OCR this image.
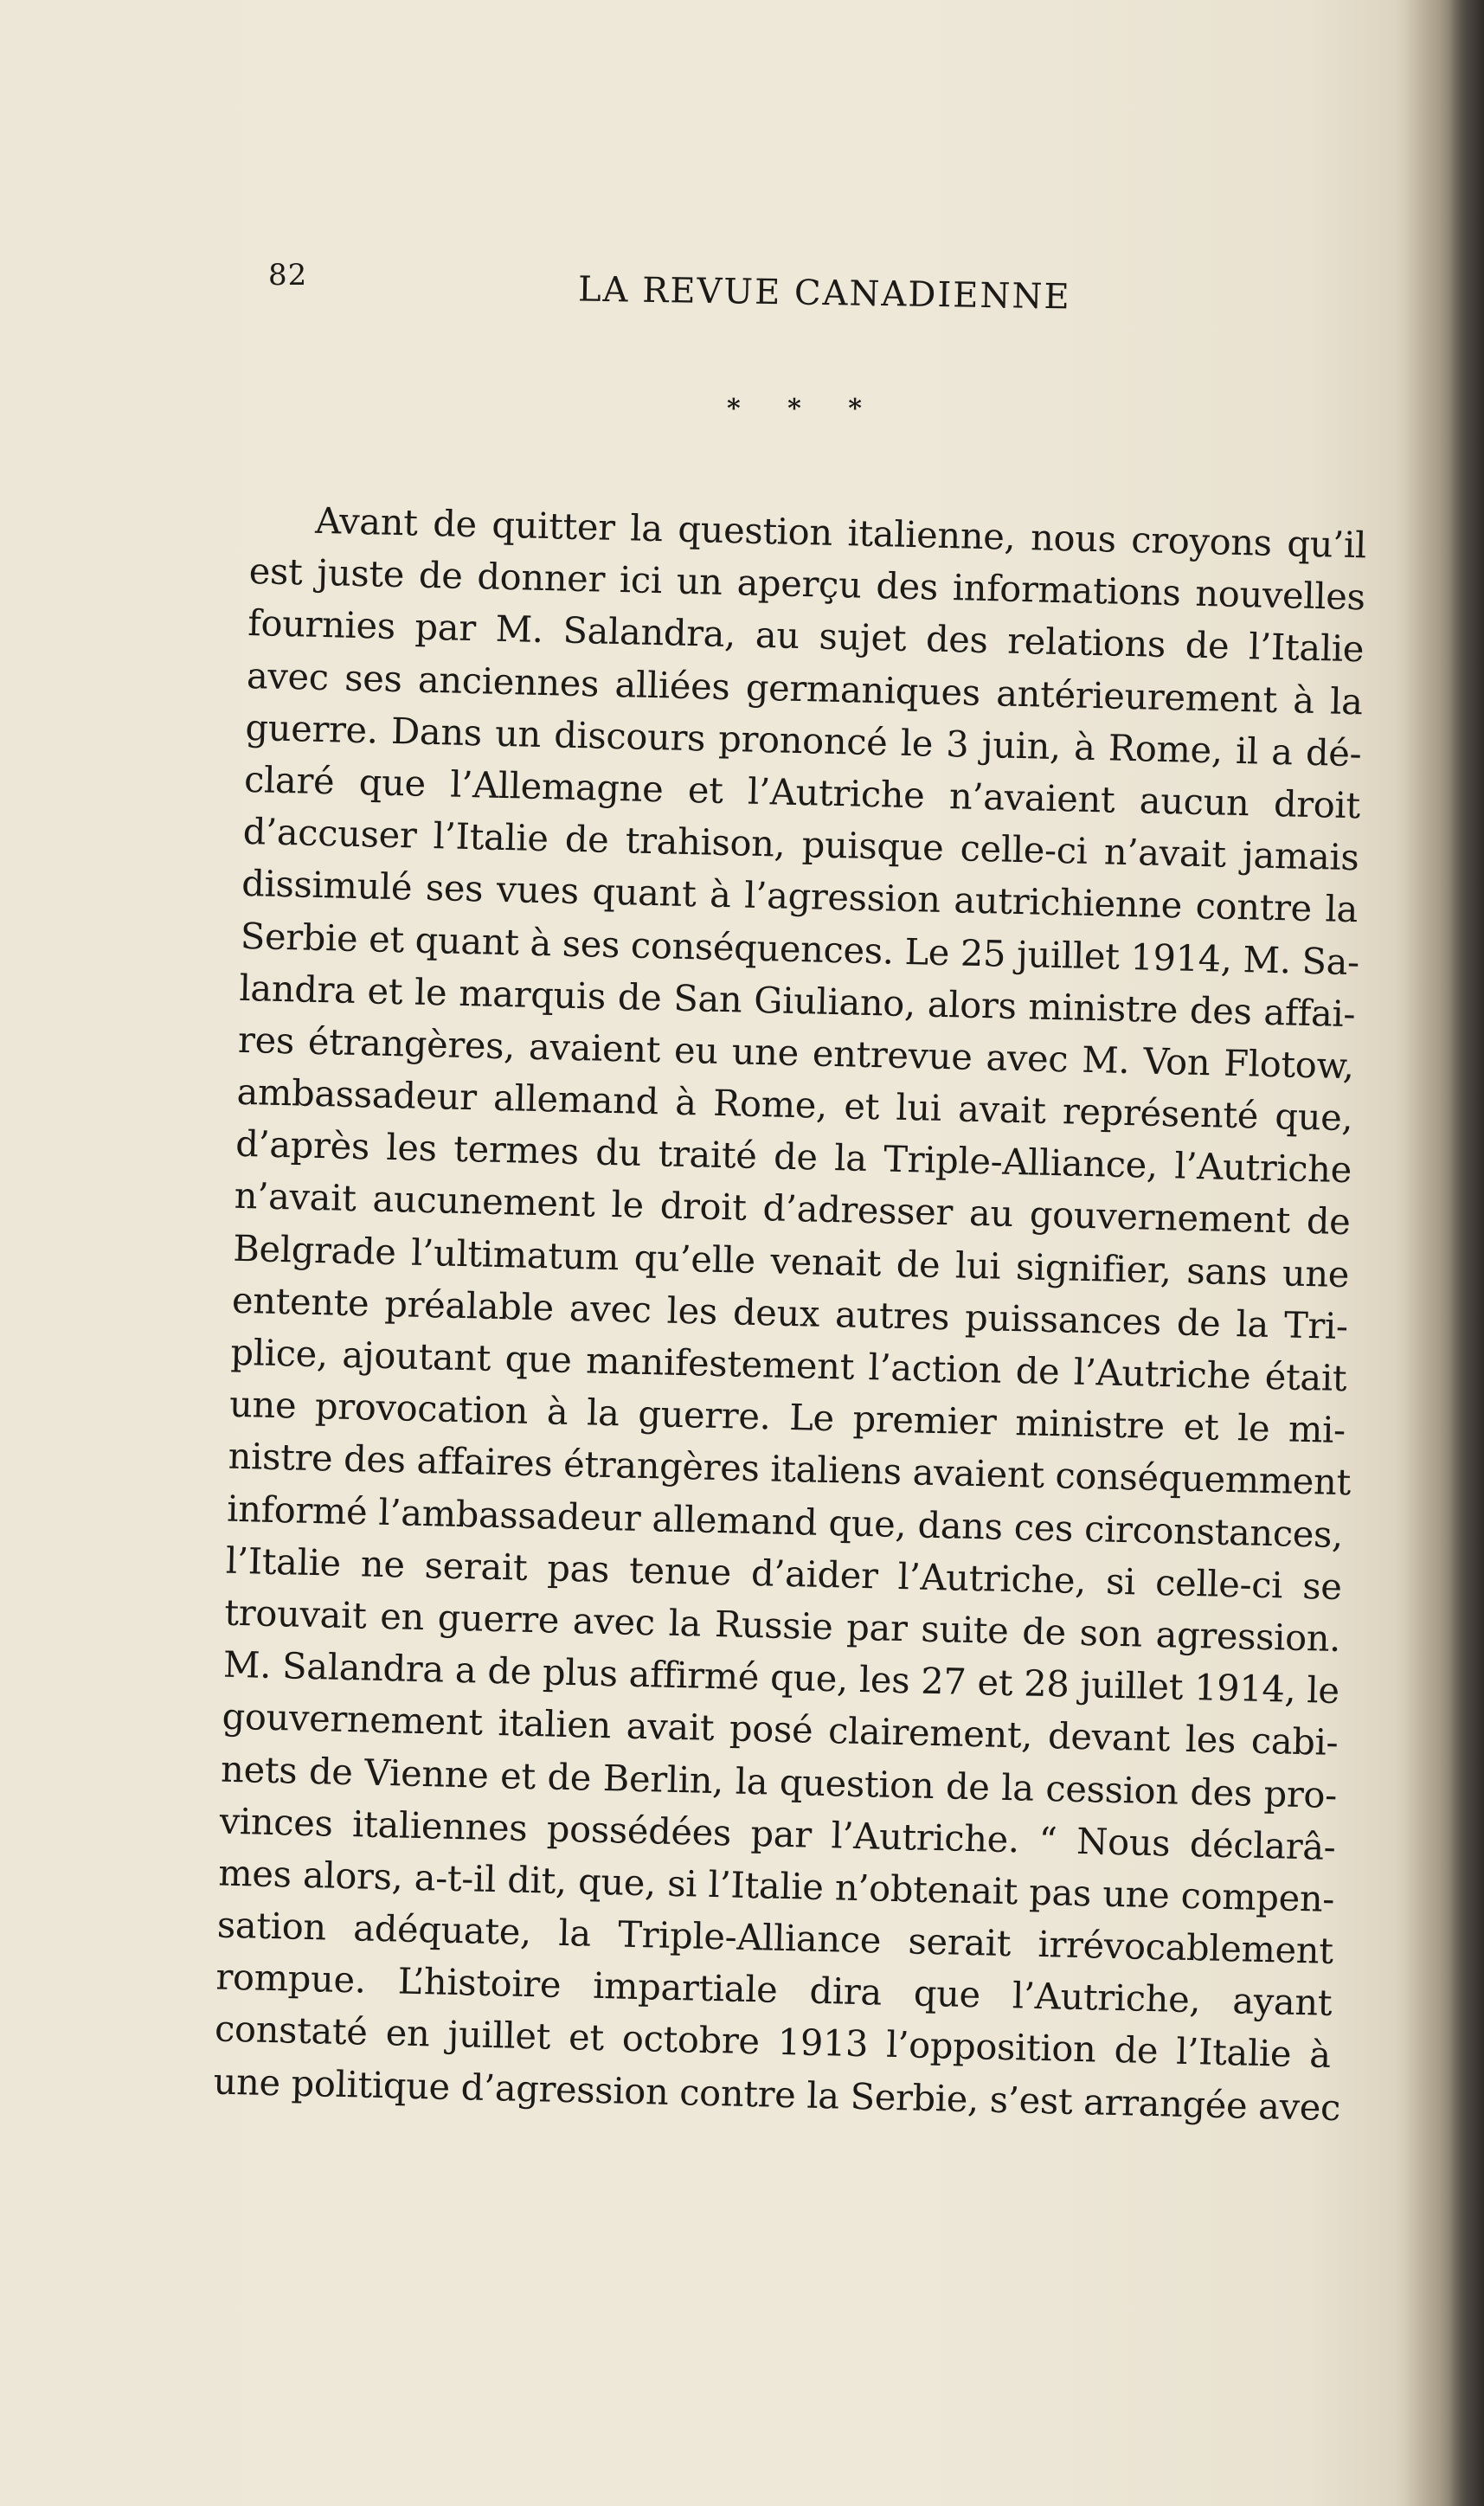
82	LA REVUE CANADIENNE
* * *
Avant de quitter la question italienne, nous croyons qu’il
est juste de donner ici un aperçu des informations nouvelles
fournies par M. Salandra, au sujet des relations de l’Italie
avec ses anciennes alliées germaniques antérieurement à la
guerre. Dans un discours prononcé le 3 juin, à Rome, il a dé-
claré que l’Allemagne et l’Autriche n’avaient aucun droit
d’accuser l’Italie de trahison, puisque celle-ci n’avait jamais
dissimulé ses vues quant à l’agression autrichienne contre la
Serbie et quant à ses conséquences. Le 25 juillet 1914, M. Sa-
landra et le marquis de San Giuliano, alors ministre des affai-
res étrangères, avaient eu une entrevue avec M. Von Flotow,
ambassadeur allemand à Rome, et lui avait représenté que,
d’après les termes du traité de la Triple-Alliance, l’Autriche
n’avait aucunement le droit d’adresser au gouvernement de
Belgrade l’ultimatum qu’elle venait de lui signifier, sans une
entente préalable avec les deux autres puissances de la Tri-
plice, ajoutant que manifestement l’action de l’Autriche était
une provocation à la guerre. Le premier ministre et le mi-
nistre des affaires étrangères italiens avaient conséquemment
informé l’ambassadeur allemand que, dans ces circonstances,
l’Italie ne serait pas tenue d’aider l’Autriche, si celle-ci se
trouvait en guerre avec la Russie par suite de son agression.
M. Salandra a de plus affirmé que, les 27 et 28 juillet 1914, le
gouvernement italien avait posé clairement, devant les cabi-
nets de Vienne et de Berlin, la question de la cession des pro-
vinces italiennes possédées par l’Autriche. “ Nous déclarâ-
mes alors, a-t-il dit, que, si l’Italie n’obtenait pas une compen-
sation adéquate, la Triple-Alliance serait irrévocablement
rompue. L’histoire impartiale dira que l’Autriche, ayant
constaté en juillet et octobre 1913 l’opposition de l’Italie à
une politique d’agression contre la Serbie, s’est arrangée avec
